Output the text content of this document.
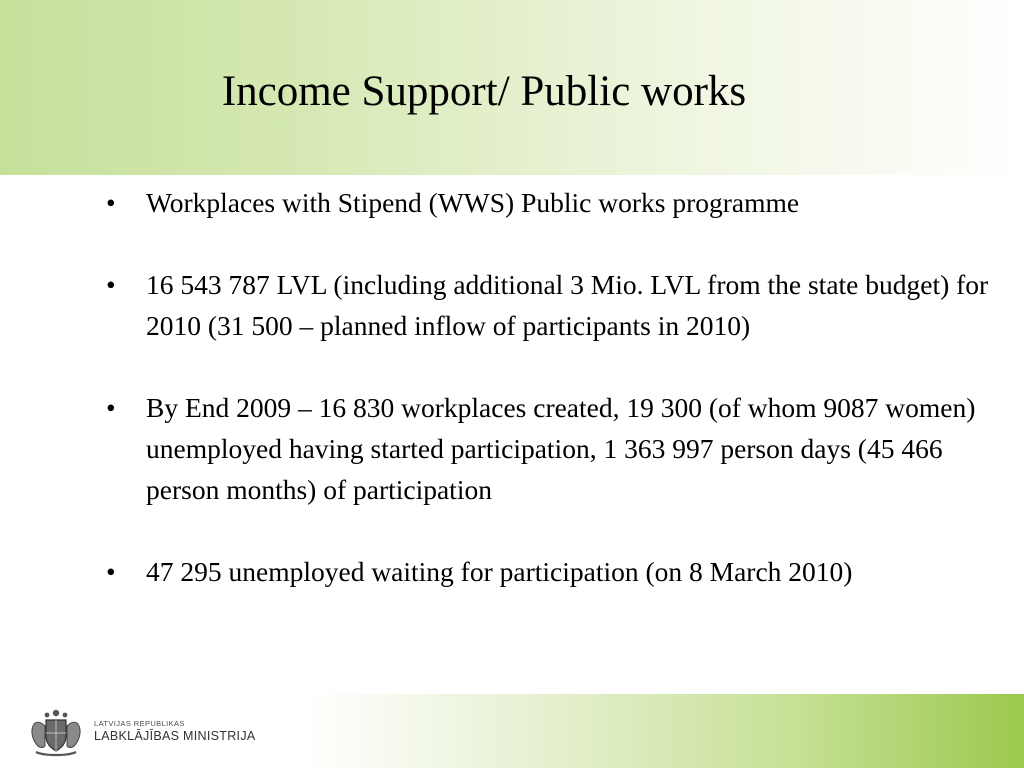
Income Support/ Public works
•	Workplaces with Stipend (WWS) Public works programme
•	16 543 787 LVL (including additional 3 Mio. LVL from the state budget) for 2010 (31 500 – planned inflow of participants in 2010)
•	By End 2009 – 16 830 workplaces created, 19 300 (of whom 9087 women) unemployed having started participation, 1 363 997 person days (45 466 person months) of participation
•	47 295 unemployed waiting for participation (on 8 March 2010)
LATVIJAS REPUBLIKAS
LABKLĀJĪBAS MINISTRIJA
